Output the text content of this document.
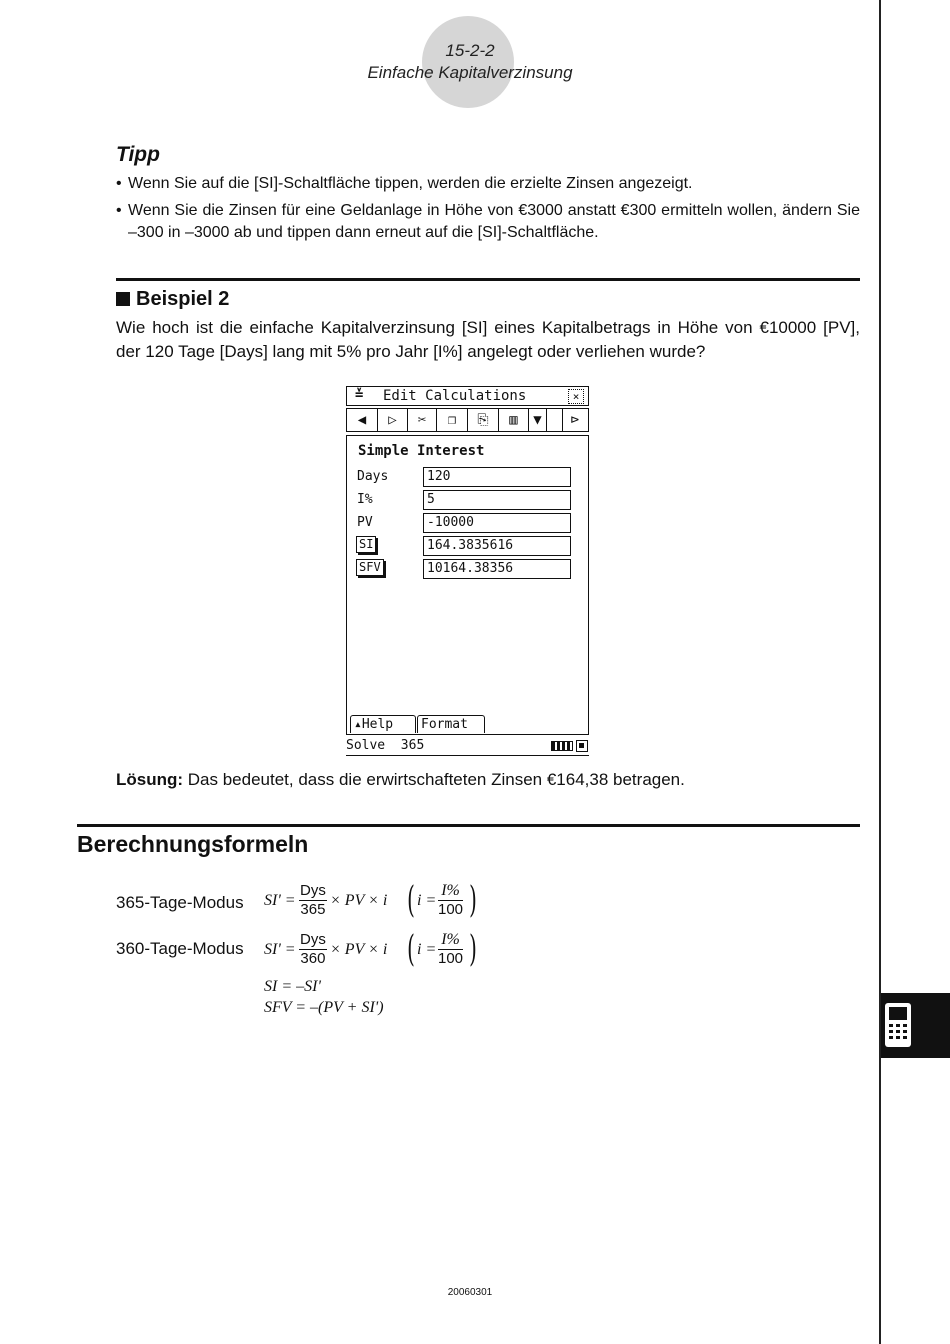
15-2-2
Einfache Kapitalverzinsung
Tipp
• Wenn Sie auf die [SI]-Schaltfläche tippen, werden die erzielte Zinsen angezeigt.
• Wenn Sie die Zinsen für eine Geldanlage in Höhe von €3000 anstatt €300 ermitteln wollen, ändern Sie –300 in –3000 ab und tippen dann erneut auf die [SI]-Schaltfläche.
Beispiel 2
Wie hoch ist die einfache Kapitalverzinsung [SI] eines Kapitalbetrags in Höhe von €10000 [PV], der 120 Tage [Days] lang mit 5% pro Jahr [I%] angelegt oder verliehen wurde?
≚ Edit Calculations	×
◀	▷	✂	❐	⎘	▥	▼	⊳
Simple Interest
Days	120
I%	5
PV	-10000
SI	164.3835616
SFV	10164.38356
▴Help	Format
Solve  365
Lösung: Das bedeutet, dass die erwirtschafteten Zinsen €164,38 betragen.
Berechnungsformeln
365-Tage-Modus SI' =
Dys
365
× PV × i ( $i = \frac{I\%}{100}$ )
360-Tage-Modus SI' =
Dys
360
× PV × i ( $i = \frac{I\%}{100}$ )
SI = –SI'
SFV = –(PV + SI')
20060301
